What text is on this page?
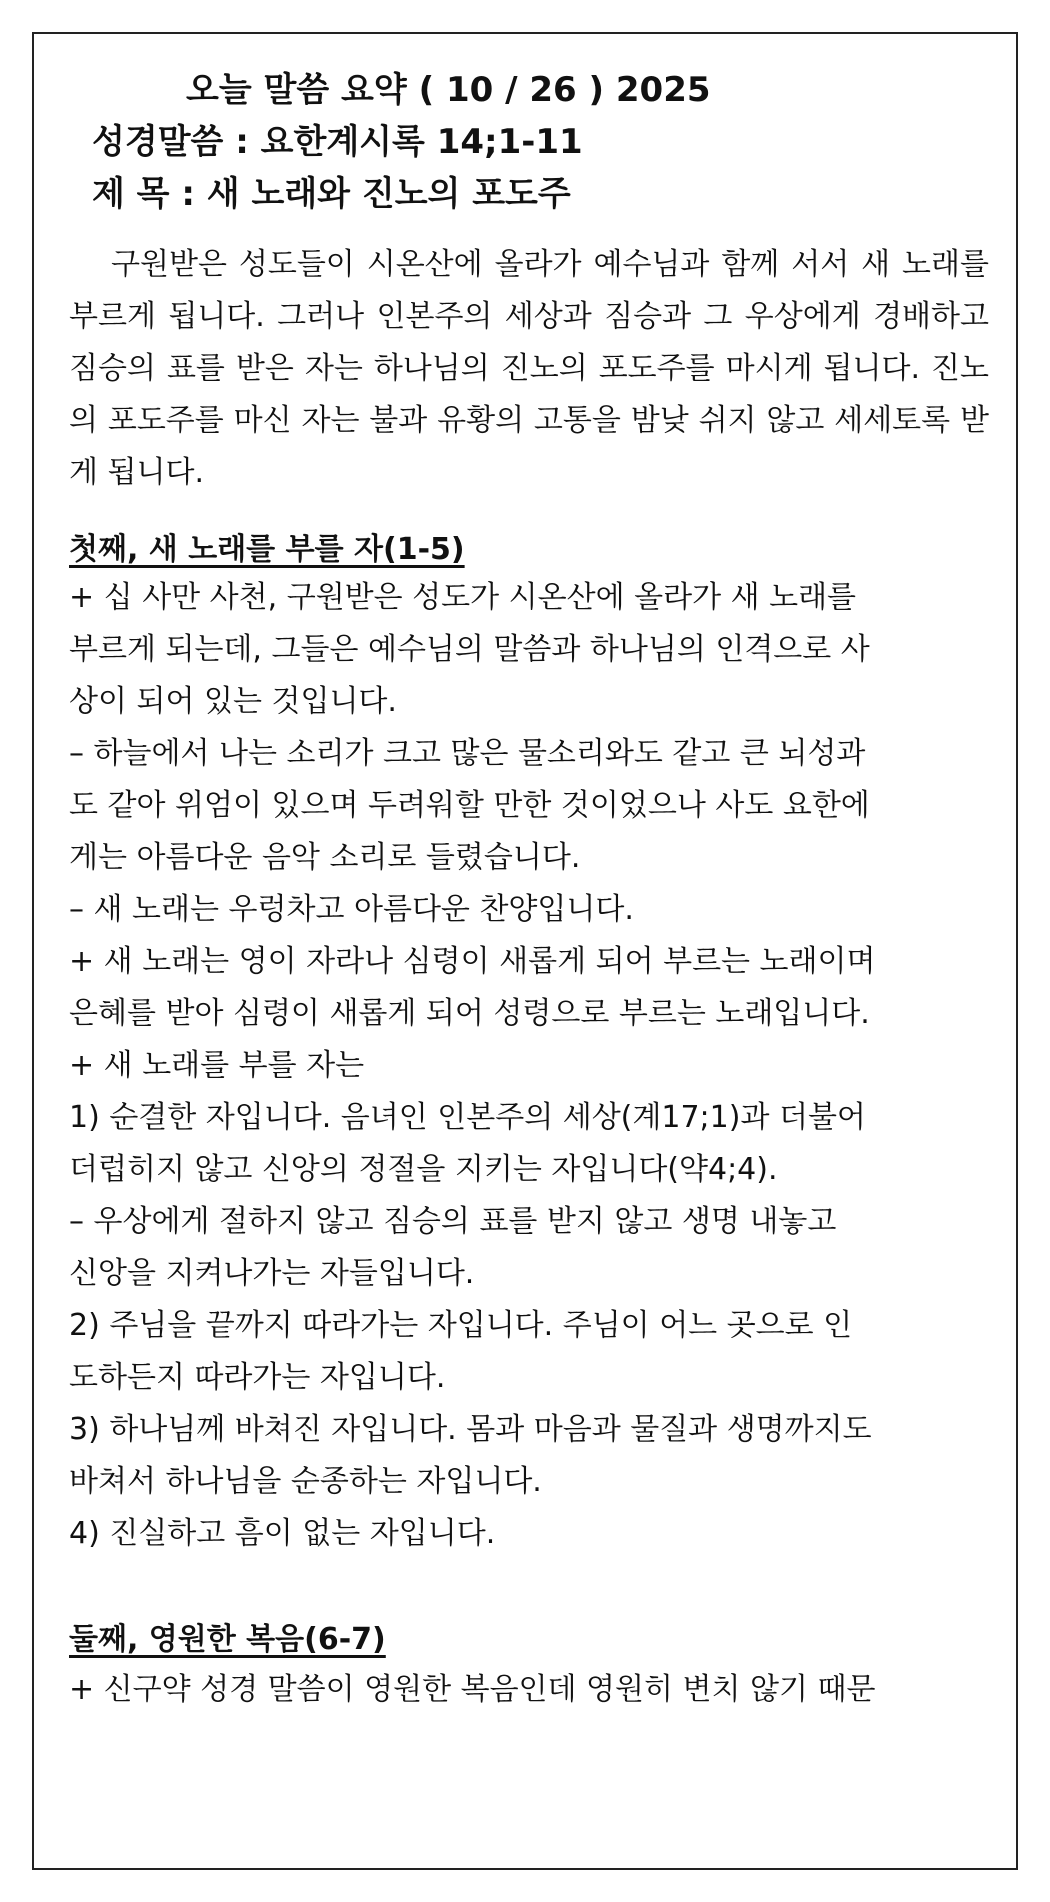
오늘 말씀 요약 ( 10 / 26 ) 2025
성경말씀 : 요한계시록 14;1-11
제 목 : 새 노래와 진노의 포도주

구원받은 성도들이 시온산에 올라가 예수님과 함께 서서 새 노래를 부르게 됩니다. 그러나 인본주의 세상과 짐승과 그 우상에게 경배하고 짐승의 표를 받은 자는 하나님의 진노의 포도주를 마시게 됩니다. 진노의 포도주를 마신 자는 불과 유황의 고통을 밤낮 쉬지 않고 세세토록 받게 됩니다.

첫째, 새 노래를 부를 자(1-5)
+ 십 사만 사천, 구원받은 성도가 시온산에 올라가 새 노래를
부르게 되는데, 그들은 예수님의 말씀과 하나님의 인격으로 사
상이 되어 있는 것입니다.
– 하늘에서 나는 소리가 크고 많은 물소리와도 같고 큰 뇌성과
도 같아 위엄이 있으며 두려워할 만한 것이었으나 사도 요한에
게는 아름다운 음악 소리로 들렸습니다.
– 새 노래는 우렁차고 아름다운 찬양입니다.
+ 새 노래는 영이 자라나 심령이 새롭게 되어 부르는 노래이며
은혜를 받아 심령이 새롭게 되어 성령으로 부르는 노래입니다.
+ 새 노래를 부를 자는
1) 순결한 자입니다. 음녀인 인본주의 세상(계17;1)과 더불어
더럽히지 않고 신앙의 정절을 지키는 자입니다(약4;4).
– 우상에게 절하지 않고 짐승의 표를 받지 않고 생명 내놓고
신앙을 지켜나가는 자들입니다.
2) 주님을 끝까지 따라가는 자입니다. 주님이 어느 곳으로 인
도하든지 따라가는 자입니다.
3) 하나님께 바쳐진 자입니다. 몸과 마음과 물질과 생명까지도
바쳐서 하나님을 순종하는 자입니다.
4) 진실하고 흠이 없는 자입니다.
둘째, 영원한 복음(6-7)
+ 신구약 성경 말씀이 영원한 복음인데 영원히 변치 않기 때문
